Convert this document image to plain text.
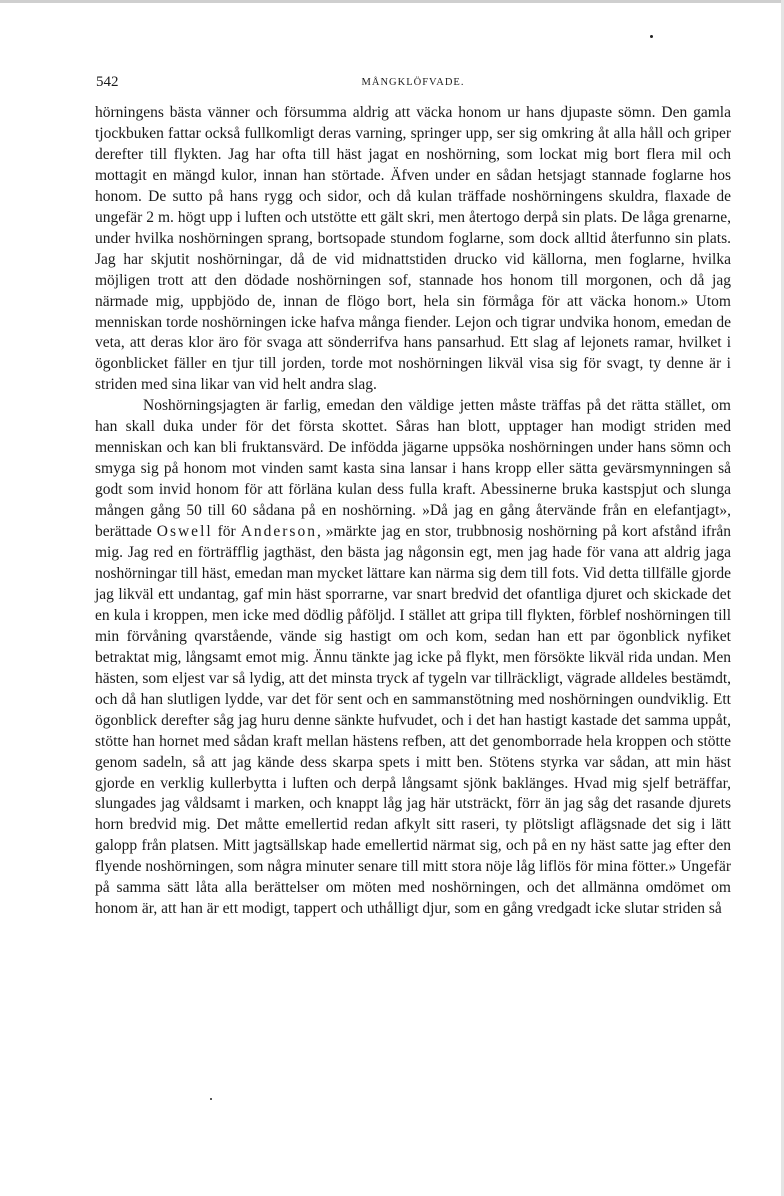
542	MÅNGKLÖFVADE.

hörningens bästa vänner och försumma aldrig att väcka honom ur hans djupaste sömn. Den gamla tjockbuken fattar också fullkomligt deras varning, springer upp, ser sig omkring åt alla håll och griper derefter till flykten. Jag har ofta till häst jagat en noshörning, som lockat mig bort flera mil och mottagit en mängd kulor, innan han störtade. Äfven under en sådan hetsjagt stannade foglarne hos honom. De sutto på hans rygg och sidor, och då kulan träffade noshörningens skuldra, flaxade de ungefär 2 m. högt upp i luften och utstötte ett gält skri, men återtogo derpå sin plats. De låga grenarne, under hvilka noshörningen sprang, bortsopade stundom foglarne, som dock alltid återfunno sin plats. Jag har skjutit noshörningar, då de vid midnattstiden drucko vid källorna, men foglarne, hvilka möjligen trott att den dödade noshörningen sof, stannade hos honom till morgonen, och då jag närmade mig, uppbjödo de, innan de flögo bort, hela sin förmåga för att väcka honom.» Utom menniskan torde noshörningen icke hafva många fiender. Lejon och tigrar undvika honom, emedan de veta, att deras klor äro för svaga att sönderrifva hans pansarhud. Ett slag af lejonets ramar, hvilket i ögonblicket fäller en tjur till jorden, torde mot noshörningen likväl visa sig för svagt, ty denne är i striden med sina likar van vid helt andra slag.

Noshörningsjagten är farlig, emedan den väldige jetten måste träffas på det rätta stället, om han skall duka under för det första skottet. Såras han blott, upptager han modigt striden med menniskan och kan bli fruktansvärd. De infödda jägarne uppsöka noshörningen under hans sömn och smyga sig på honom mot vinden samt kasta sina lansar i hans kropp eller sätta gevärsmynningen så godt som invid honom för att förläna kulan dess fulla kraft. Abessinerne bruka kastspjut och slunga mången gång 50 till 60 sådana på en noshörning. »Då jag en gång återvände från en elefantjagt», berättade Oswell för Anderson, »märkte jag en stor, trubbnosig noshörning på kort afstånd ifrån mig. Jag red en förträfflig jagthäst, den bästa jag någonsin egt, men jag hade för vana att aldrig jaga noshörningar till häst, emedan man mycket lättare kan närma sig dem till fots. Vid detta tillfälle gjorde jag likväl ett undantag, gaf min häst sporrarne, var snart bredvid det ofantliga djuret och skickade det en kula i kroppen, men icke med dödlig påföljd. I stället att gripa till flykten, förblef noshörningen till min förvåning qvarstående, vände sig hastigt om och kom, sedan han ett par ögonblick nyfiket betraktat mig, långsamt emot mig. Ännu tänkte jag icke på flykt, men försökte likväl rida undan. Men hästen, som eljest var så lydig, att det minsta tryck af tygeln var tillräckligt, vägrade alldeles bestämdt, och då han slutligen lydde, var det för sent och en sammanstötning med noshörningen oundviklig. Ett ögonblick derefter såg jag huru denne sänkte hufvudet, och i det han hastigt kastade det samma uppåt, stötte han hornet med sådan kraft mellan hästens refben, att det genomborrade hela kroppen och stötte genom sadeln, så att jag kände dess skarpa spets i mitt ben. Stötens styrka var sådan, att min häst gjorde en verklig kullerbytta i luften och derpå långsamt sjönk baklänges. Hvad mig sjelf beträffar, slungades jag våldsamt i marken, och knappt låg jag här utsträckt, förr än jag såg det rasande djurets horn bredvid mig. Det måtte emellertid redan afkylt sitt raseri, ty plötsligt aflägsnade det sig i lätt galopp från platsen. Mitt jagtsällskap hade emellertid närmat sig, och på en ny häst satte jag efter den flyende noshörningen, som några minuter senare till mitt stora nöje låg liflös för mina fötter.» Ungefär på samma sätt låta alla berättelser om möten med noshörningen, och det allmänna omdömet om honom är, att han är ett modigt, tappert och uthålligt djur, som en gång vredgadt icke slutar striden så
